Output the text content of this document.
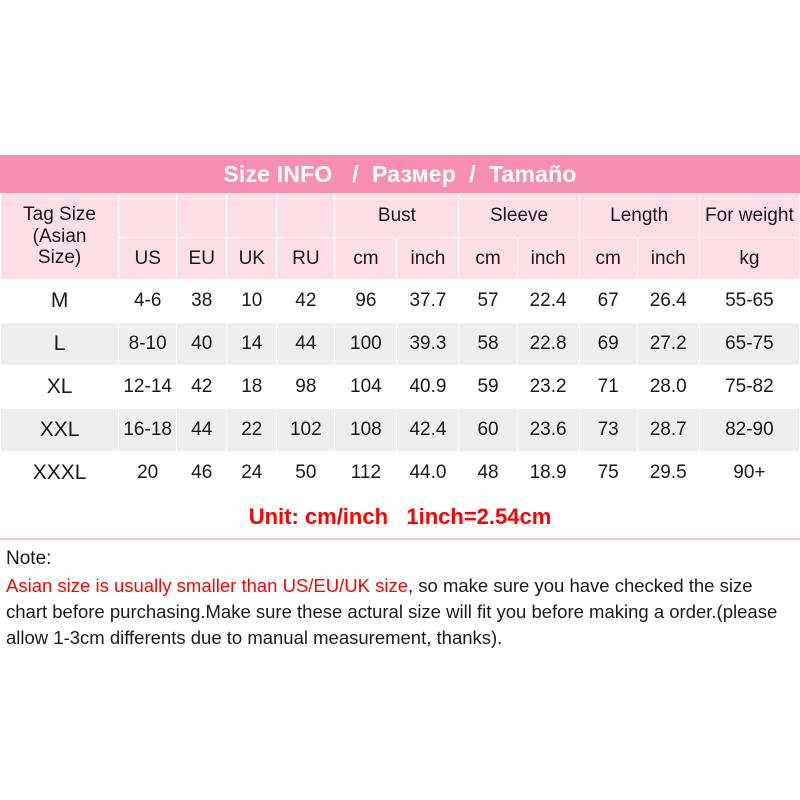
Size INFO / Размер / Tamaño
Tag Size
(Asian
Size)					Bust		Sleeve		Length		For weight
	US	EU	UK	RU	cm	inch	cm	inch	cm	inch	kg
M	4-6	38	10	42	96	37.7	57	22.4	67	26.4	55-65
L	8-10	40	14	44	100	39.3	58	22.8	69	27.2	65-75
XL	12-14	42	18	98	104	40.9	59	23.2	71	28.0	75-82
XXL	16-18	44	22	102	108	42.4	60	23.6	73	28.7	82-90
XXXL	20	46	24	50	112	44.0	48	18.9	75	29.5	90+
Unit: cm/inch   1inch=2.54cm
Note:
Asian size is usually smaller than US/EU/UK size, so make sure you have checked the size chart before purchasing.Make sure these actural size will fit you before making a order.(please allow 1-3cm differents due to manual measurement, thanks).
